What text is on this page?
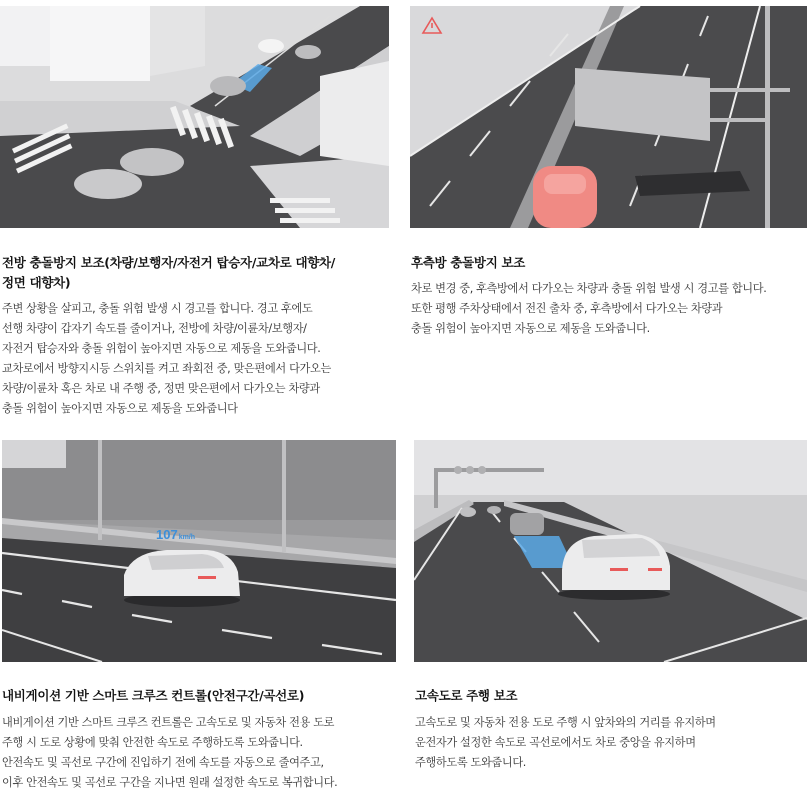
전방 충돌방지 보조(차량/보행자/자전거 탑승자/교차로 대향차/
정면 대향차)
주변 상황을 살피고, 충돌 위험 발생 시 경고를 합니다. 경고 후에도
선행 차량이 갑자기 속도를 줄이거나, 전방에 차량/이륜차/보행자/
자전거 탑승자와 충돌 위험이 높아지면 자동으로 제동을 도와줍니다.
교차로에서 방향지시등 스위치를 켜고 좌회전 중, 맞은편에서 다가오는
차량/이륜차 혹은 차로 내 주행 중, 정면 맞은편에서 다가오는 차량과
충돌 위험이 높아지면 자동으로 제동을 도와줍니다
후측방 충돌방지 보조
차로 변경 중, 후측방에서 다가오는 차량과 충돌 위험 발생 시 경고를 합니다.
또한 평행 주차상태에서 전진 출차 중, 후측방에서 다가오는 차량과
충돌 위험이 높아지면 자동으로 제동을 도와줍니다.
107km/h
내비게이션 기반 스마트 크루즈 컨트롤(안전구간/곡선로)
내비게이션 기반 스마트 크루즈 컨트롤은 고속도로 및 자동차 전용 도로
주행 시 도로 상황에 맞춰 안전한 속도로 주행하도록 도와줍니다.
안전속도 및 곡선로 구간에 진입하기 전에 속도를 자동으로 줄여주고,
이후 안전속도 및 곡선로 구간을 지나면 원래 설정한 속도로 복귀합니다.
고속도로 주행 보조
고속도로 및 자동차 전용 도로 주행 시 앞차와의 거리를 유지하며
운전자가 설정한 속도로 곡선로에서도 차로 중앙을 유지하며
주행하도록 도와줍니다.
